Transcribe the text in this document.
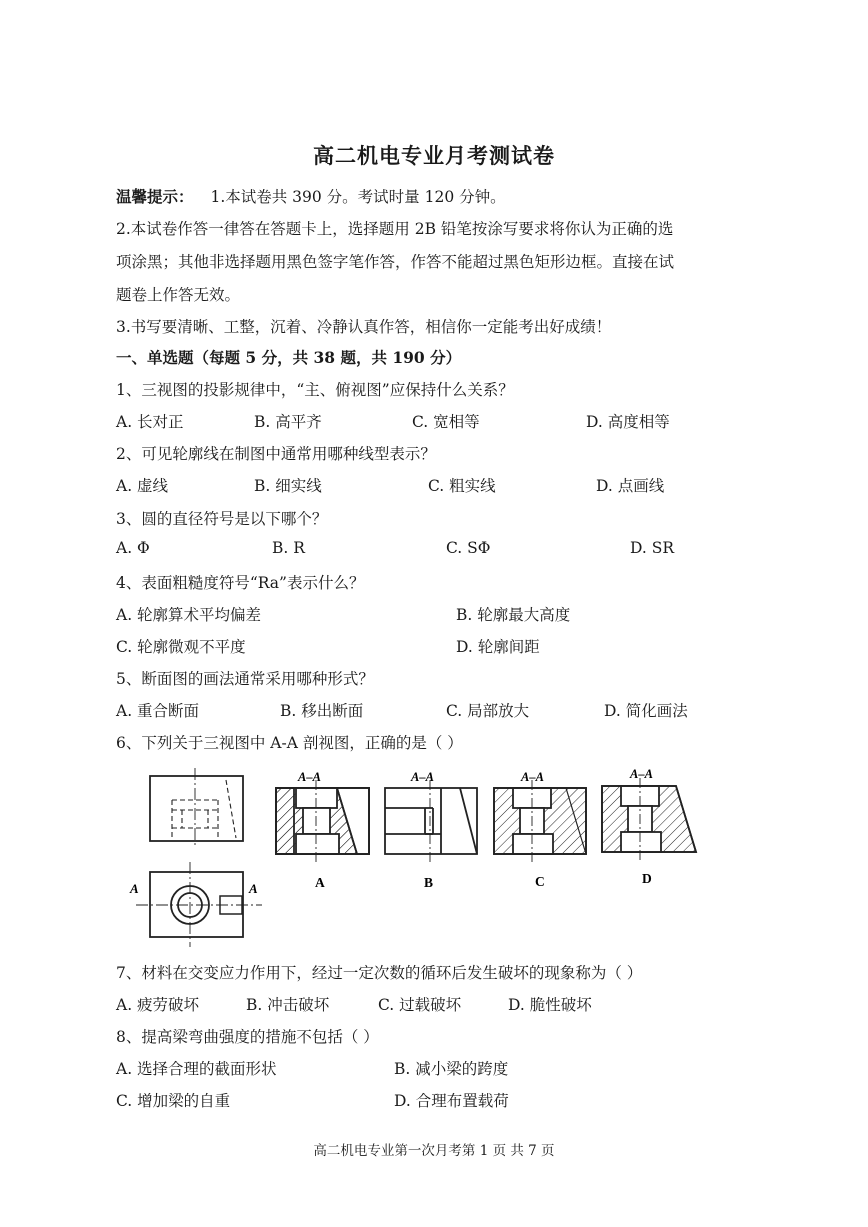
高二机电专业月考测试卷
温馨提示： 1.本试卷共 390 分。考试时量 120 分钟。
2.本试卷作答一律答在答题卡上，选择题用 2B 铅笔按涂写要求将你认为正确的选
项涂黑；其他非选择题用黑色签字笔作答，作答不能超过黑色矩形边框。直接在试
题卷上作答无效。
3.书写要清晰、工整，沉着、冷静认真作答，相信你一定能考出好成绩！
一、单选题（每题 5 分，共 38 题，共 190 分）
1、三视图的投影规律中，“主、俯视图”应保持什么关系？
A. 长对正	B. 高平齐	C. 宽相等	D. 高度相等
2、可见轮廓线在制图中通常用哪种线型表示？
A. 虚线	B. 细实线	C. 粗实线	D. 点画线
3、圆的直径符号是以下哪个？
A. Φ	B. R	C. SΦ	D. SR
4、表面粗糙度符号“Ra”表示什么？
A. 轮廓算术平均偏差	B. 轮廓最大高度
C. 轮廓微观不平度	D. 轮廓间距
5、断面图的画法通常采用哪种形式？
A. 重合断面	B. 移出断面	C. 局部放大	D. 简化画法
6、下列关于三视图中 A-A 剖视图，正确的是（ ）
A	A
A–A
A
A–A
B
A–A
C
A–A
D
7、材料在交变应力作用下，经过一定次数的循环后发生破坏的现象称为（ ）
A. 疲劳破坏	B. 冲击破坏	C. 过载破坏	D. 脆性破坏
8、提高梁弯曲强度的措施不包括（ ）
A. 选择合理的截面形状	B. 减小梁的跨度
C. 增加梁的自重	D. 合理布置载荷
高二机电专业第一次月考第 1 页 共 7 页
